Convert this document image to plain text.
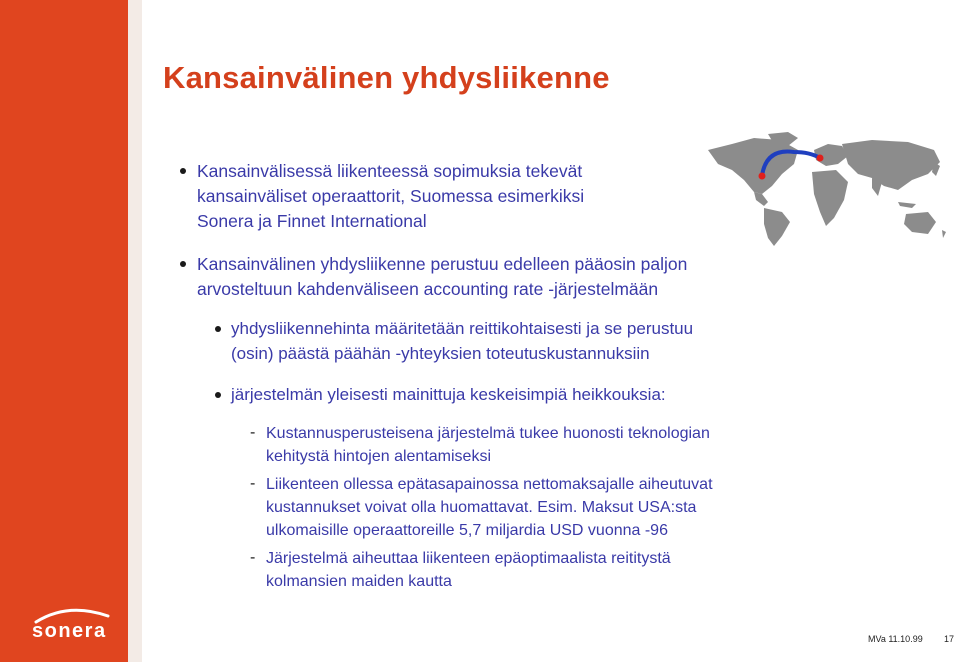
Kansainvälinen yhdysliikenne
Kansainvälisessä liikenteessä sopimuksia tekevät
kansainväliset operaattorit, Suomessa esimerkiksi
Sonera ja Finnet International
Kansainvälinen yhdysliikenne perustuu edelleen pääosin paljon
arvosteltuun kahdenväliseen accounting rate -järjestelmään
yhdysliikennehinta määritetään reittikohtaisesti ja se perustuu
(osin) päästä päähän -yhteyksien toteutuskustannuksiin
järjestelmän yleisesti mainittuja keskeisimpiä heikkouksia:
- Kustannusperusteisena järjestelmä tukee huonosti teknologian
kehitystä hintojen alentamiseksi
- Liikenteen ollessa epätasapainossa nettomaksajalle aiheutuvat
kustannukset voivat olla huomattavat. Esim. Maksut USA:sta
ulkomaisille operaattoreille 5,7 miljardia USD vuonna -96
- Järjestelmä aiheuttaa liikenteen epäoptimaalista reititystä
kolmansien maiden kautta
sonera	MVa 11.10.99 17
